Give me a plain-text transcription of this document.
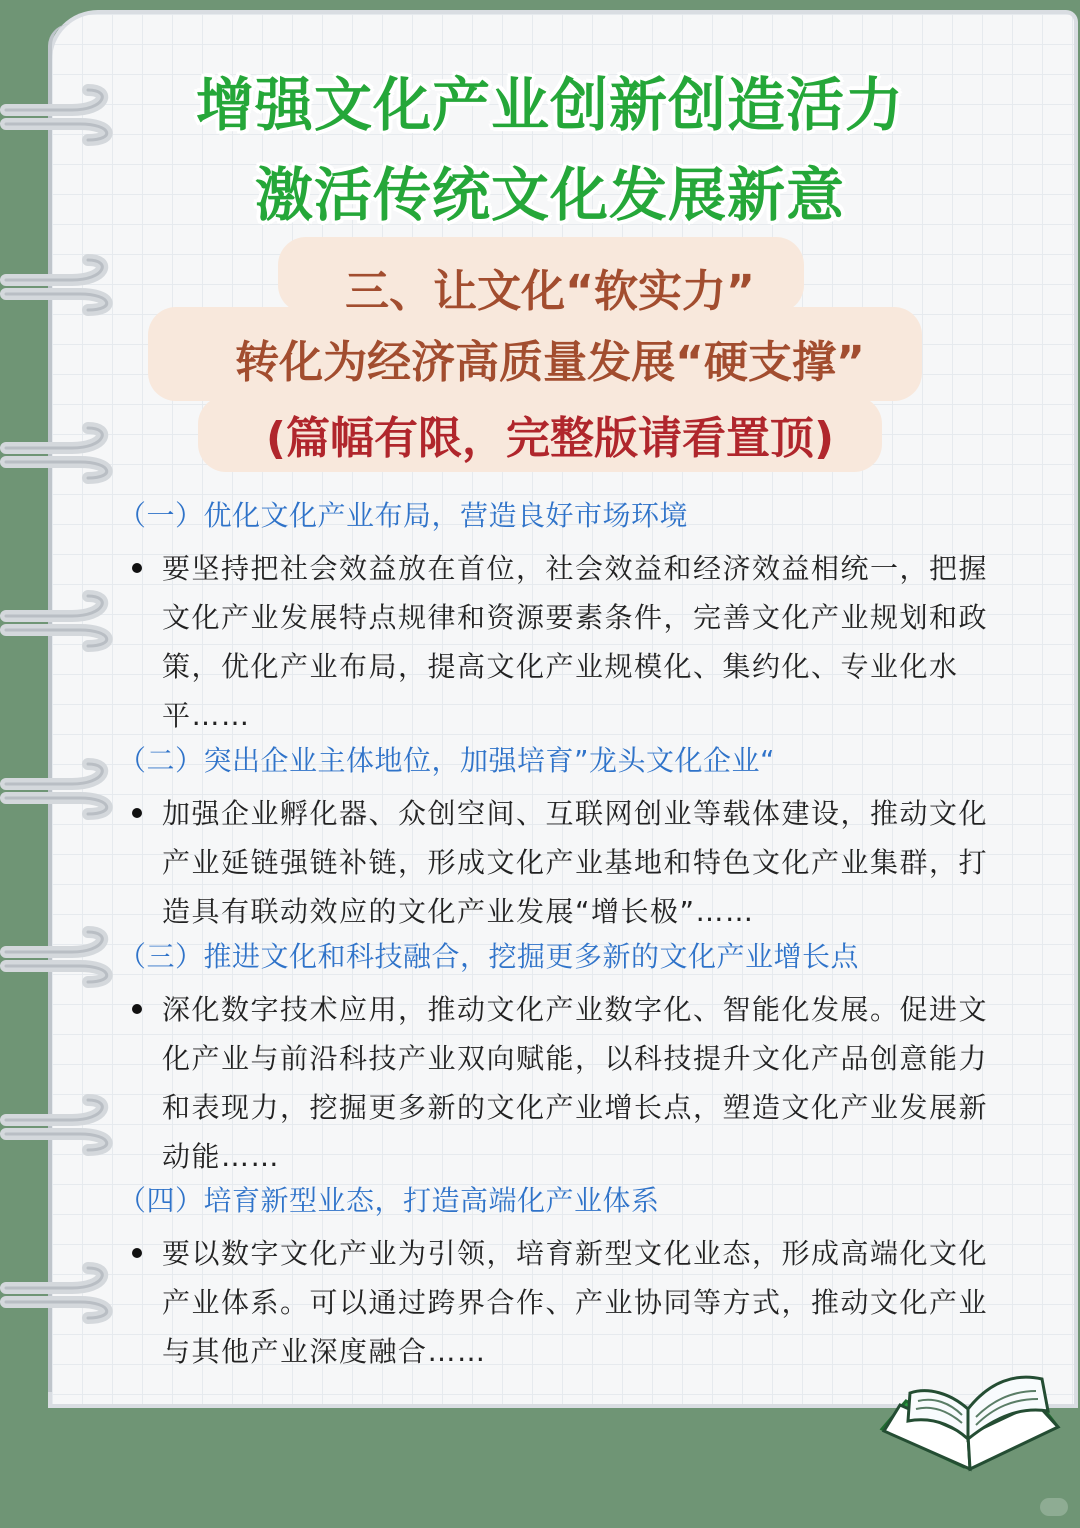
增强文化产业创新创造活力
激活传统文化发展新意
三、让文化“软实力”
转化为经济高质量发展“硬支撑”
(篇幅有限，完整版请看置顶)
（一）优化文化产业布局，营造良好市场环境
要坚持把社会效益放在首位，社会效益和经济效益相统一，把握文化产业发展特点规律和资源要素条件，完善文化产业规划和政策，优化产业布局，提高文化产业规模化、集约化、专业化水平……
（二）突出企业主体地位，加强培育”龙头文化企业“
加强企业孵化器、众创空间、互联网创业等载体建设，推动文化产业延链强链补链，形成文化产业基地和特色文化产业集群，打造具有联动效应的文化产业发展“增长极”……
（三）推进文化和科技融合，挖掘更多新的文化产业增长点
深化数字技术应用，推动文化产业数字化、智能化发展。促进文化产业与前沿科技产业双向赋能，以科技提升文化产品创意能力和表现力，挖掘更多新的文化产业增长点，塑造文化产业发展新动能……
（四）培育新型业态，打造高端化产业体系
要以数字文化产业为引领，培育新型文化业态，形成高端化文化产业体系。可以通过跨界合作、产业协同等方式，推动文化产业与其他产业深度融合……
